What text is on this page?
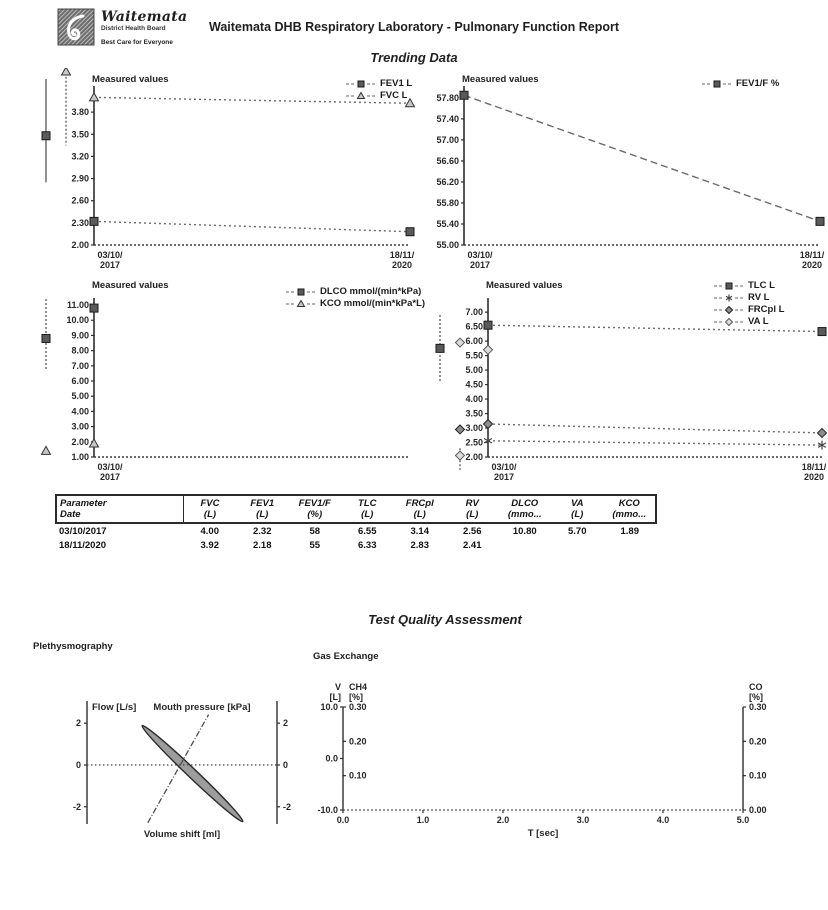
Waitemata
District Health Board
Best Care for Everyone
Waitemata DHB Respiratory Laboratory - Pulmonary Function Report
Trending Data
Measured values
3.80
3.50
3.20
2.90
2.60
2.30
2.00
03/10/ 2017
18/11/ 2020
FEV1 L
FVC L
Measured values
57.80
57.40
57.00
56.60
56.20
55.80
55.40
55.00
03/10/ 2017
18/11/ 2020
FEV1/F %
Measured values
11.00
10.00
9.00
8.00
7.00
6.00
5.00
4.00
3.00
2.00
1.00
03/10/ 2017
DLCO mmol/(min*kPa)
KCO mmol/(min*kPa*L)
Measured values
7.00
6.50
6.00
5.50
5.00
4.50
4.00
3.50
3.00
2.50
2.00
03/10/ 2017
18/11/ 2020
TLC L
RV L
FRCpl L
VA L
Parameter
Date

FVC
(L)

FEV1
(L)

FEV1/F
(%)

TLC
(L)

FRCpl
(L)

RV
(L)

DLCO
(mmo...

VA
(L)

KCO
(mmo...

03/10/2017	4.00	2.32	58	6.55	3.14	2.56	10.80	5.70	1.89
18/11/2020	3.92	2.18	55	6.33	2.83	2.41			
Test Quality Assessment
Plethysmography
2	2
0	0
-2	-2
Flow [L/s] Mouth pressure [kPa]
Volume shift [ml]
Gas Exchange
V
[L]
CH4
[%]
CO
[%]
10.0
0.0
-10.0
0.30
0.20
0.10
0.30
0.20
0.10
0.00
0.0	1.0	2.0	3.0	4.0	5.0
T [sec]
